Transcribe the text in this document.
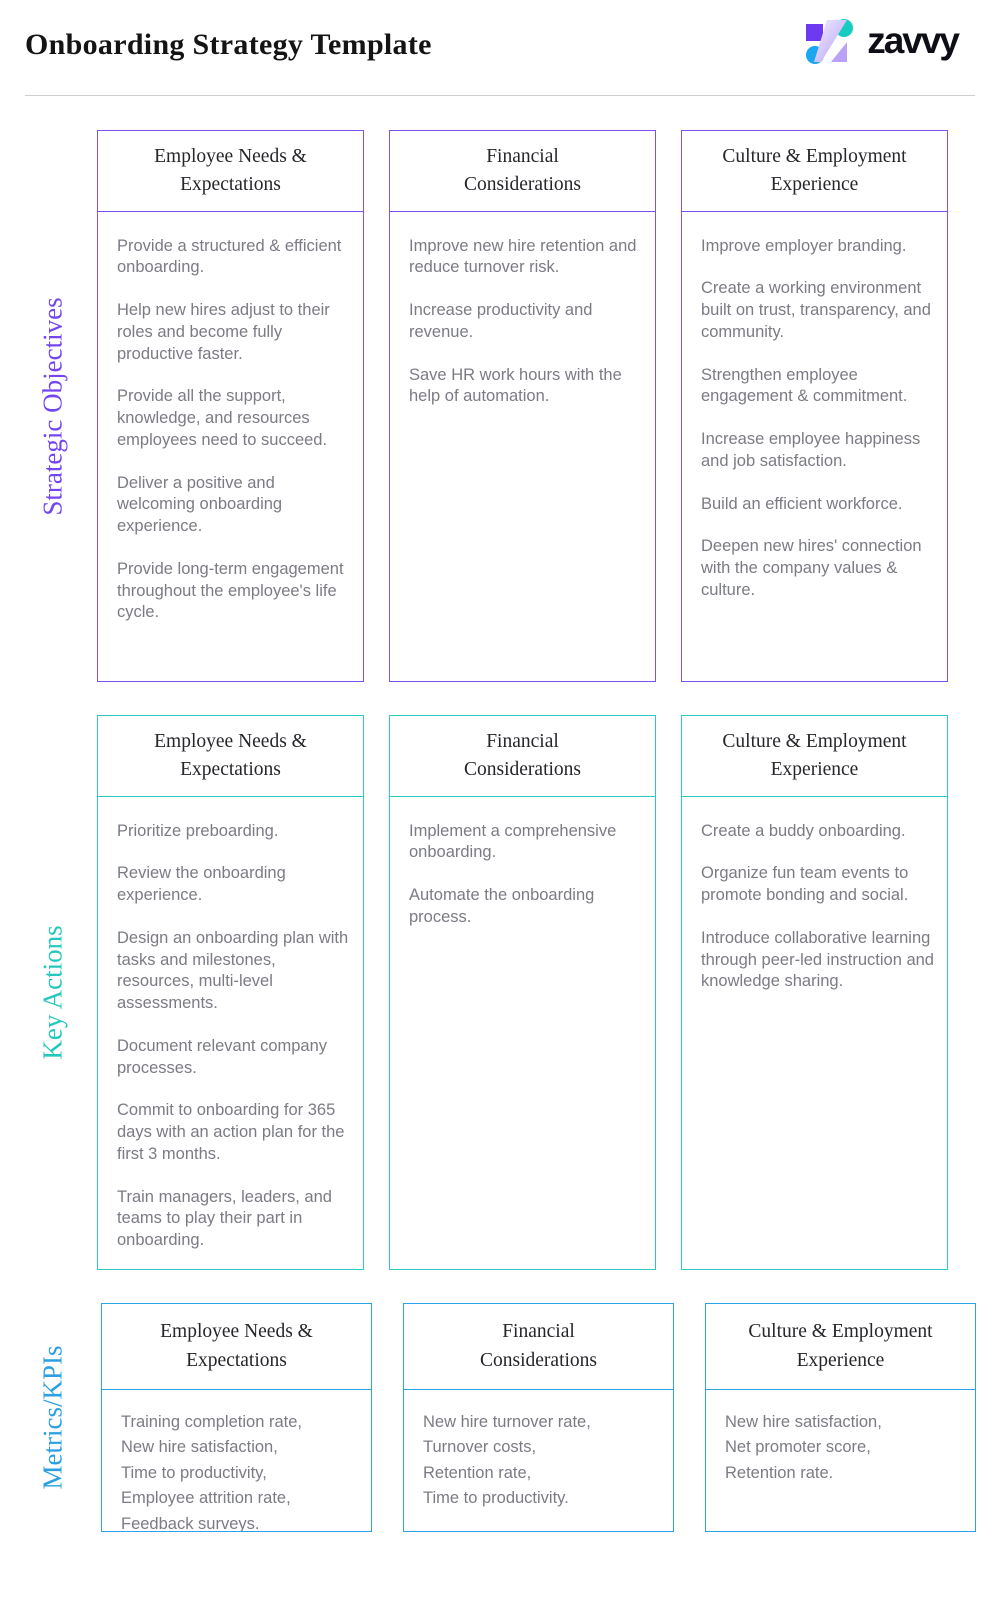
Onboarding Strategy Template	zavvy
Strategic Objectives
Key Actions
Metrics/KPIs
Employee Needs &
Expectations
Provide a structured & efficient onboarding.
Help new hires adjust to their roles and become fully productive faster.
Provide all the support, knowledge, and resources employees need to succeed.
Deliver a positive and welcoming onboarding experience.
Provide long-term engagement throughout the employee's life cycle.
Financial
Considerations
Improve new hire retention and reduce turnover risk.
Increase productivity and revenue.
Save HR work hours with the help of automation.
Culture & Employment
Experience
Improve employer branding.
Create a working environment built on trust, transparency, and community.
Strengthen employee engagement & commitment.
Increase employee happiness and job satisfaction.
Build an efficient workforce.
Deepen new hires' connection with the company values & culture.
Employee Needs &
Expectations
Prioritize preboarding.
Review the onboarding experience.
Design an onboarding plan with tasks and milestones, resources, multi-level assessments.
Document relevant company processes.
Commit to onboarding for 365 days with an action plan for the first 3 months.
Train managers, leaders, and teams to play their part in onboarding.
Financial
Considerations
Implement a comprehensive onboarding.
Automate the onboarding process.
Culture & Employment
Experience
Create a buddy onboarding.
Organize fun team events to promote bonding and social.
Introduce collaborative learning through peer-led instruction and knowledge sharing.
Employee Needs &
Expectations
Training completion rate,
New hire satisfaction,
Time to productivity,
Employee attrition rate,
Feedback surveys.
Financial
Considerations
New hire turnover rate,
Turnover costs,
Retention rate,
Time to productivity.
Culture & Employment
Experience
New hire satisfaction,
Net promoter score,
Retention rate.
